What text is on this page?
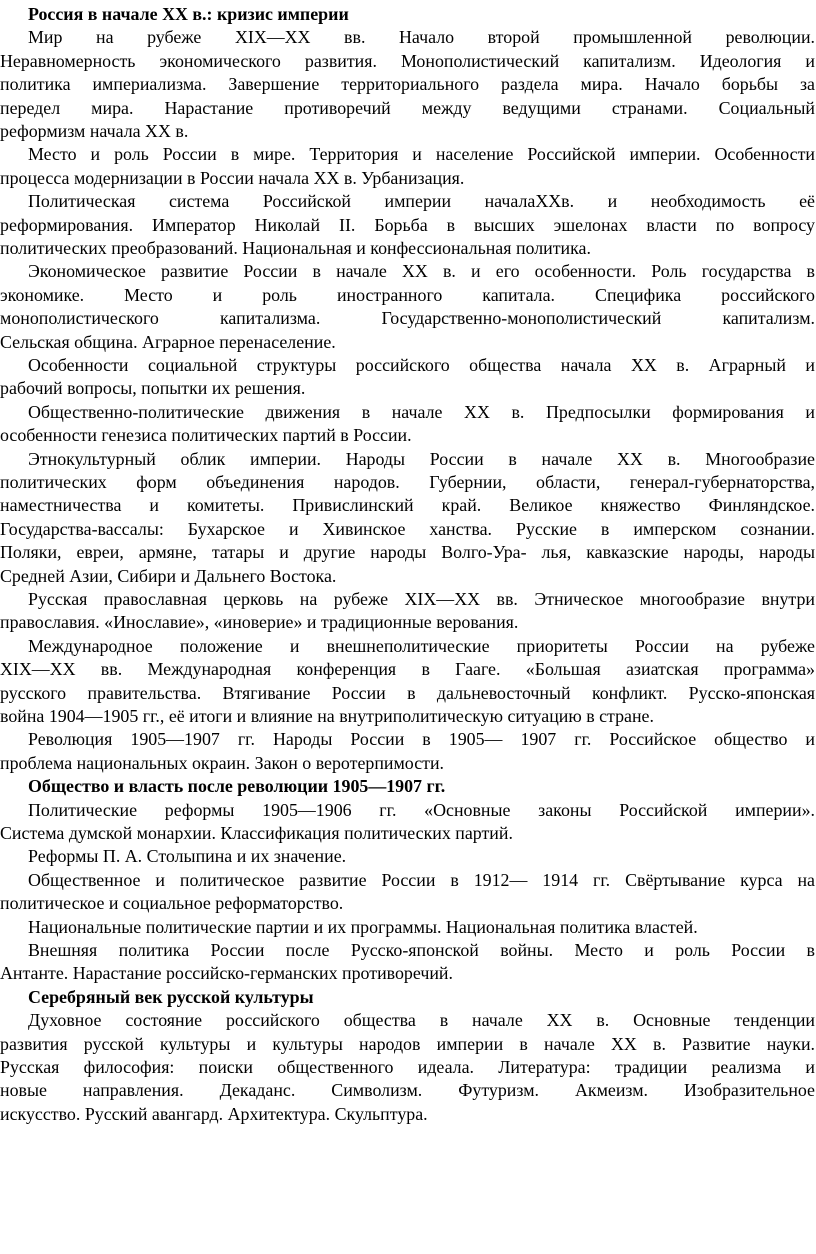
Россия в начале XX в.: кризис империи
Мир на рубеже XIX—XX вв. Начало второй промышленной революции.
Неравномерность экономического развития. Монополистический капитализм. Идеология и
политика империализма. Завершение территориального раздела мира. Начало борьбы за
передел мира. Нарастание противоречий между ведущими странами. Социальный
реформизм начала XX в.
Место и роль России в мире. Территория и население Российской империи. Особенности
процесса модернизации в России начала XX в. Урбанизация.
Политическая система Российской империи началаXXв. и необходимость её
реформирования. Император Николай II. Борьба в высших эшелонах власти по вопросу
политических преобразований. Национальная и конфессиональная политика.
Экономическое развитие России в начале XX в. и его особенности. Роль государства в
экономике. Место и роль иностранного капитала. Специфика российского
монополистического капитализма. Государственно-монополистический капитализм.
Сельская община. Аграрное перенаселение.
Особенности социальной структуры российского общества начала XX в. Аграрный и
рабочий вопросы, попытки их решения.
Общественно-политические движения в начале XX в. Предпосылки формирования и
особенности генезиса политических партий в России.
Этнокультурный облик империи. Народы России в начале XX в. Многообразие
политических форм объединения народов. Губернии, области, генерал-губернаторства,
наместничества и комитеты. Привислинский край. Великое княжество Финляндское.
Государства-вассалы: Бухарское и Хивинское ханства. Русские в имперском сознании.
Поляки, евреи, армяне, татары и другие народы Волго-Ура- лья, кавказские народы, народы
Средней Азии, Сибири и Дальнего Востока.
Русская православная церковь на рубеже XIX—XX вв. Этническое многообразие внутри
православия. «Инославие», «иноверие» и традиционные верования.
Международное положение и внешнеполитические приоритеты России на рубеже
XIX—XX вв. Международная конференция в Гааге. «Большая азиатская программа»
русского правительства. Втягивание России в дальневосточный конфликт. Русско-японская
война 1904—1905 гг., её итоги и влияние на внутриполитическую ситуацию в стране.
Революция 1905—1907 гг. Народы России в 1905— 1907 гг. Российское общество и
проблема национальных окраин. Закон о веротерпимости.
Общество и власть после революции 1905—1907 гг.
Политические реформы 1905—1906 гг. «Основные законы Российской империи».
Система думской монархии. Классификация политических партий.
Реформы П. А. Столыпина и их значение.
Общественное и политическое развитие России в 1912— 1914 гг. Свёртывание курса на
политическое и социальное реформаторство.
Национальные политические партии и их программы. Национальная политика властей.
Внешняя политика России после Русско-японской войны. Место и роль России в
Антанте. Нарастание российско-германских противоречий.
Серебряный век русской культуры
Духовное состояние российского общества в начале XX в. Основные тенденции
развития русской культуры и культуры народов империи в начале XX в. Развитие науки.
Русская философия: поиски общественного идеала. Литература: традиции реализма и
новые направления. Декаданс. Символизм. Футуризм. Акмеизм. Изобразительное
искусство. Русский авангард. Архитектура. Скульптура.
